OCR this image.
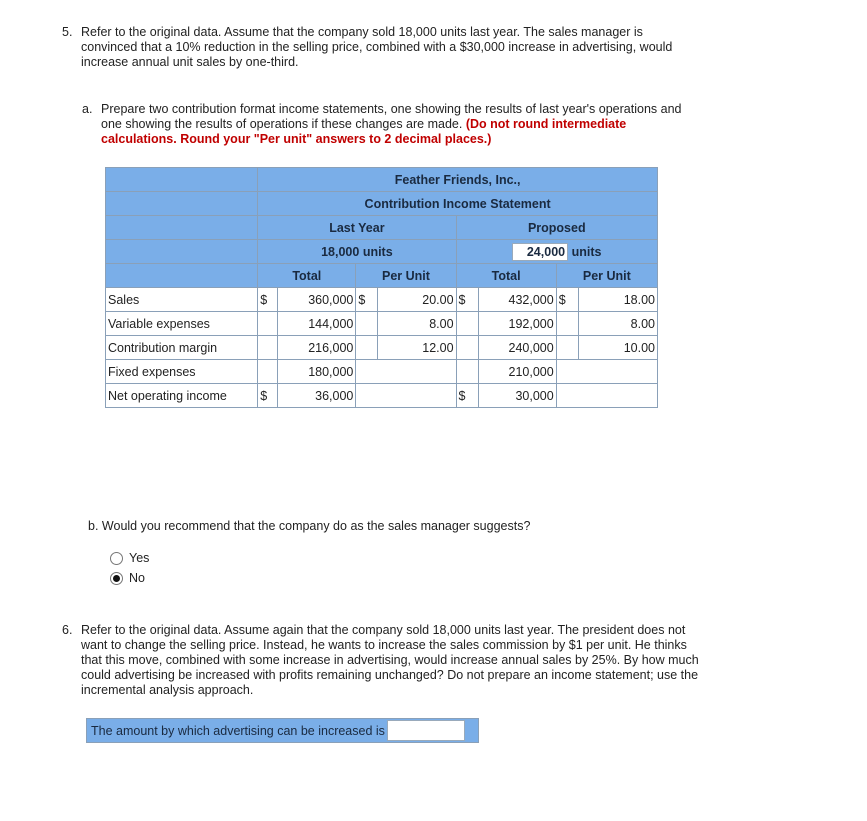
5. Refer to the original data. Assume that the company sold 18,000 units last year. The sales manager is convinced that a 10% reduction in the selling price, combined with a $30,000 increase in advertising, would increase annual unit sales by one-third.
a. Prepare two contribution format income statements, one showing the results of last year's operations and one showing the results of operations if these changes are made. (Do not round intermediate calculations. Round your "Per unit" answers to 2 decimal places.)
	Feather Friends, Inc.,							
	Contribution Income Statement							
	Last Year				Proposed			
	18,000 units				24,000 units			
	Total		Per Unit		Total		Per Unit	
Sales	$	360,000	$	20.00	$	432,000	$	18.00
Variable expenses		144,000		8.00		192,000		8.00
Contribution margin		216,000		12.00		240,000		10.00
Fixed expenses		180,000				210,000		
Net operating income	$	36,000			$	30,000		
b. Would you recommend that the company do as the sales manager suggests?
Yes
No
6. Refer to the original data. Assume again that the company sold 18,000 units last year. The president does not want to change the selling price. Instead, he wants to increase the sales commission by $1 per unit. He thinks that this move, combined with some increase in advertising, would increase annual sales by 25%. By how much could advertising be increased with profits remaining unchanged? Do not prepare an income statement; use the incremental analysis approach.
The amount by which advertising can be increased is
